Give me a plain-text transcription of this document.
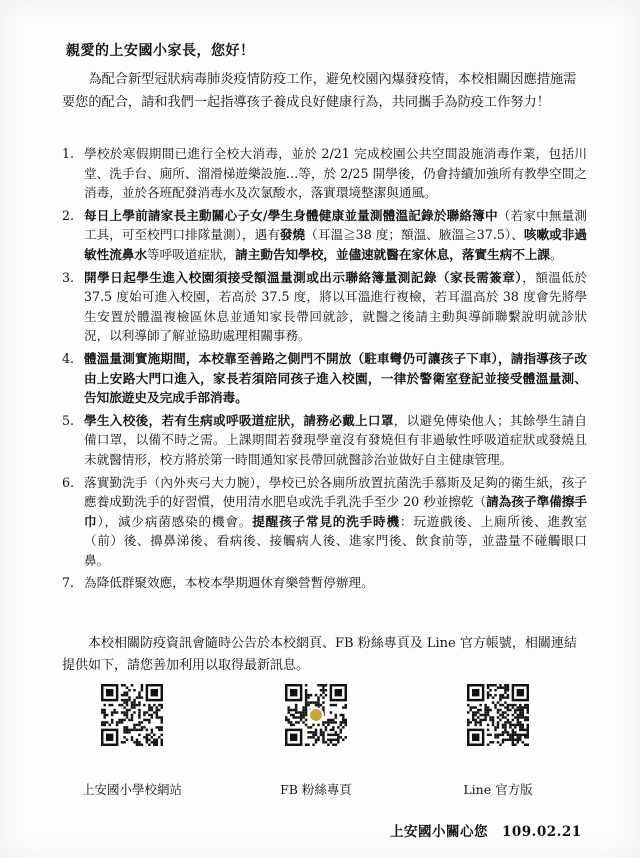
親愛的上安國小家長，您好！
為配合新型冠狀病毒肺炎疫情防疫工作，避免校園內爆發疫情，本校相關因應措施需要您的配合，請和我們一起指導孩子養成良好健康行為，共同攜手為防疫工作努力！
1. 學校於寒假期間已進行全校大消毒，並於 2/21 完成校園公共空間設施消毒作業，包括川堂、洗手台、廁所、溜滑梯遊樂設施…等，於 2/25 開學後，仍會持續加強所有教學空間之消毒，並於各班配發消毒水及次氯酸水，落實環境整潔與通風。
2. 每日上學前請家長主動關心子女/學生身體健康並量測體溫記錄於聯絡簿中（若家中無量測工具，可至校門口排隊量測），遇有發燒（耳溫≧38 度；額溫、腋溫≧37.5）、咳嗽或非過敏性流鼻水等呼吸道症狀，請主動告知學校，並儘速就醫在家休息，落實生病不上課。
3. 開學日起學生進入校園須接受額溫量測或出示聯絡簿量測記錄（家長需簽章），額溫低於 37.5 度始可進入校園，若高於 37.5 度，將以耳溫進行複檢，若耳溫高於 38 度會先將學生安置於體溫複檢區休息並通知家長帶回就診，就醫之後請主動與導師聯繫說明就診狀況，以利導師了解並協助處理相關事務。
4. 體溫量測實施期間，本校靠至善路之側門不開放（駐車彎仍可讓孩子下車），請指導孩子改由上安路大門口進入，家長若須陪同孩子進入校園，一律於警衛室登記並接受體溫量測、告知旅遊史及完成手部消毒。
5. 學生入校後，若有生病或呼吸道症狀，請務必戴上口罩，以避免傳染他人；其餘學生請自備口罩，以備不時之需。上課期間若發現學童沒有發燒但有非過敏性呼吸道症狀或發燒且未就醫情形，校方將於第一時間通知家長帶回就醫診治並做好自主健康管理。
6. 落實勤洗手（內外夾弓大力腕），學校已於各廁所放置抗菌洗手慕斯及足夠的衛生紙，孩子應養成勤洗手的好習慣，使用清水肥皂或洗手乳洗手至少 20 秒並擦乾（請為孩子準備擦手巾），減少病菌感染的機會。提醒孩子常見的洗手時機：玩遊戲後、上廁所後、進教室（前）後、擤鼻涕後、看病後、接觸病人後、進家門後、飲食前等，並盡量不碰觸眼口鼻。
7. 為降低群聚效應，本校本學期週休育樂營暫停辦理。
本校相關防疫資訊會隨時公告於本校網頁、FB 粉絲專頁及 Line 官方帳號，相關連結提供如下，請您善加利用以取得最新訊息。
上安國小學校網站	FB 粉絲專頁	Line 官方版
上安國小關心您　109.02.21
